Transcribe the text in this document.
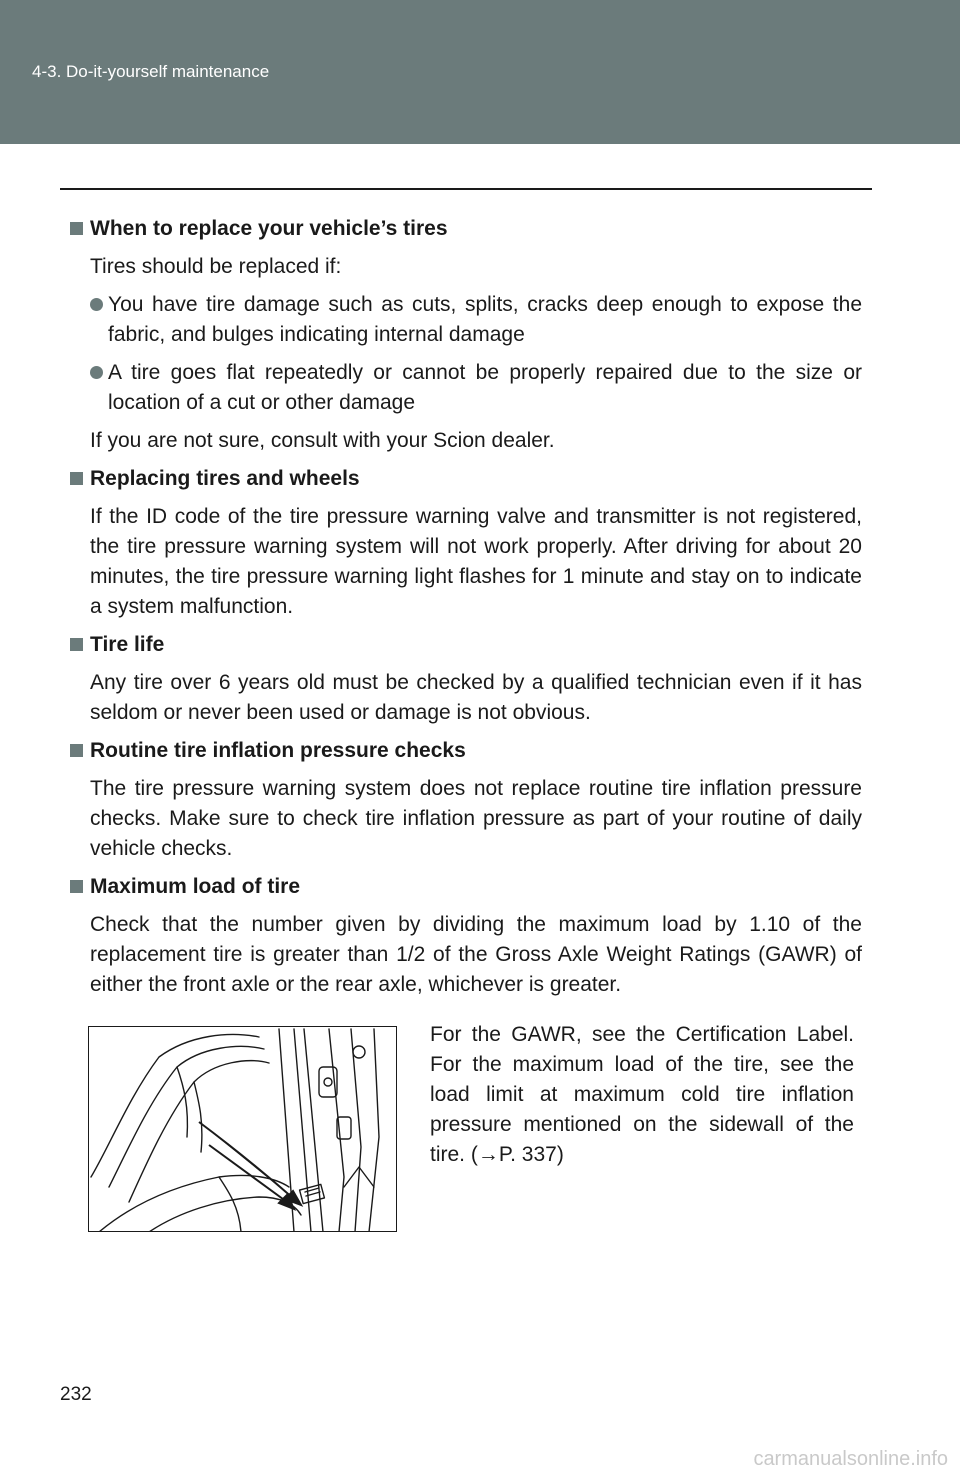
4-3. Do-it-yourself maintenance
When to replace your vehicle’s tires
Tires should be replaced if:
You have tire damage such as cuts, splits, cracks deep enough to expose the fabric, and bulges indicating internal damage
A tire goes flat repeatedly or cannot be properly repaired due to the size or location of a cut or other damage
If you are not sure, consult with your Scion dealer.
Replacing tires and wheels
If the ID code of the tire pressure warning valve and transmitter is not registered, the tire pressure warning system will not work properly. After driving for about 20 minutes, the tire pressure warning light flashes for 1 minute and stay on to indicate a system malfunction.
Tire life
Any tire over 6 years old must be checked by a qualified technician even if it has seldom or never been used or damage is not obvious.
Routine tire inflation pressure checks
The tire pressure warning system does not replace routine tire inflation pressure checks. Make sure to check tire inflation pressure as part of your routine of daily vehicle checks.
Maximum load of tire
Check that the number given by dividing the maximum load by 1.10 of the replacement tire is greater than 1/2 of the Gross Axle Weight Ratings (GAWR) of either the front axle or the rear axle, whichever is greater.
For the GAWR, see the Certification Label. For the maximum load of the tire, see the load limit at maximum cold tire inflation pressure mentioned on the sidewall of the tire. (→P. 337)
232
carmanualsonline.info
